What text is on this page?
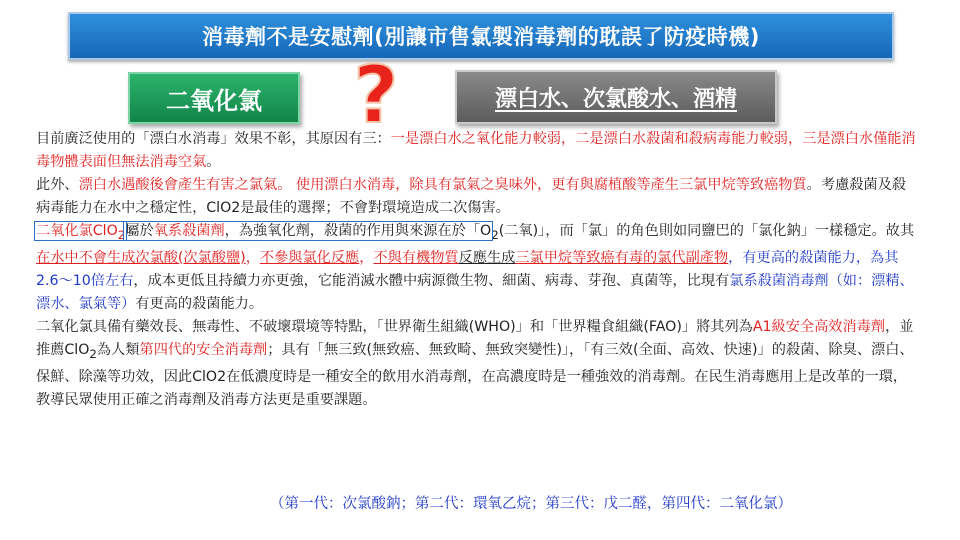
消毒劑不是安慰劑(別讓市售氯製消毒劑的耽誤了防疫時機)
二氧化氯 ?	漂白水、次氯酸水、酒精

目前廣泛使用的「漂白水消毒」效果不彰，其原因有三：一是漂白水之氧化能力較弱，二是漂白水殺菌和殺病毒能力較弱，三是漂白水僅能消毒物體表面但無法消毒空氣。

此外、漂白水遇酸後會產生有害之氯氣。 使用漂白水消毒，除具有氯氣之臭味外，更有與腐植酸等產生三氯甲烷等致癌物質。考慮殺菌及殺病毒能力在水中之穩定性，ClO2是最佳的選擇；不會對環境造成二次傷害。

二氧化氯ClO$_2$屬於氧系殺菌劑，為強氧化劑，殺菌的作用與來源在於「$O_2$(二氧)」，而「氯」的角色則如同鹽巴的「氯化鈉」一樣穩定。故其在水中不會生成次氯酸(次氯酸鹽)，不參與氯化反應，不與有機物質反應生成三氯甲烷等致癌有毒的氯代副產物，有更高的殺菌能力，為其2.6～10倍左右，成本更低且持續力亦更強，它能消滅水體中病源微生物、細菌、病毒、芽孢、真菌等，比現有氯系殺菌消毒劑（如：漂精、漂水、氯氣等）有更高的殺菌能力。

二氧化氯具備有藥效長、無毒性、不破壞環境等特點，「世界衛生組織(WHO)」和「世界糧食組織(FAO)」將其列為A1級安全高效消毒劑，並推薦ClO$_2$為人類第四代的安全消毒劑；具有「無三致(無致癌、無致畸、無致突變性)」，「有三效(全面、高效、快速)」的殺菌、除臭、漂白、保鮮、除藻等功效，因此ClO2在低濃度時是一種安全的飲用水消毒劑，在高濃度時是一種強效的消毒劑。在民生消毒應用上是改革的一環，教導民眾使用正確之消毒劑及消毒方法更是重要課題。

（第一代：次氯酸鈉；第二代：環氧乙烷；第三代：戊二醛，第四代：二氧化氯）
